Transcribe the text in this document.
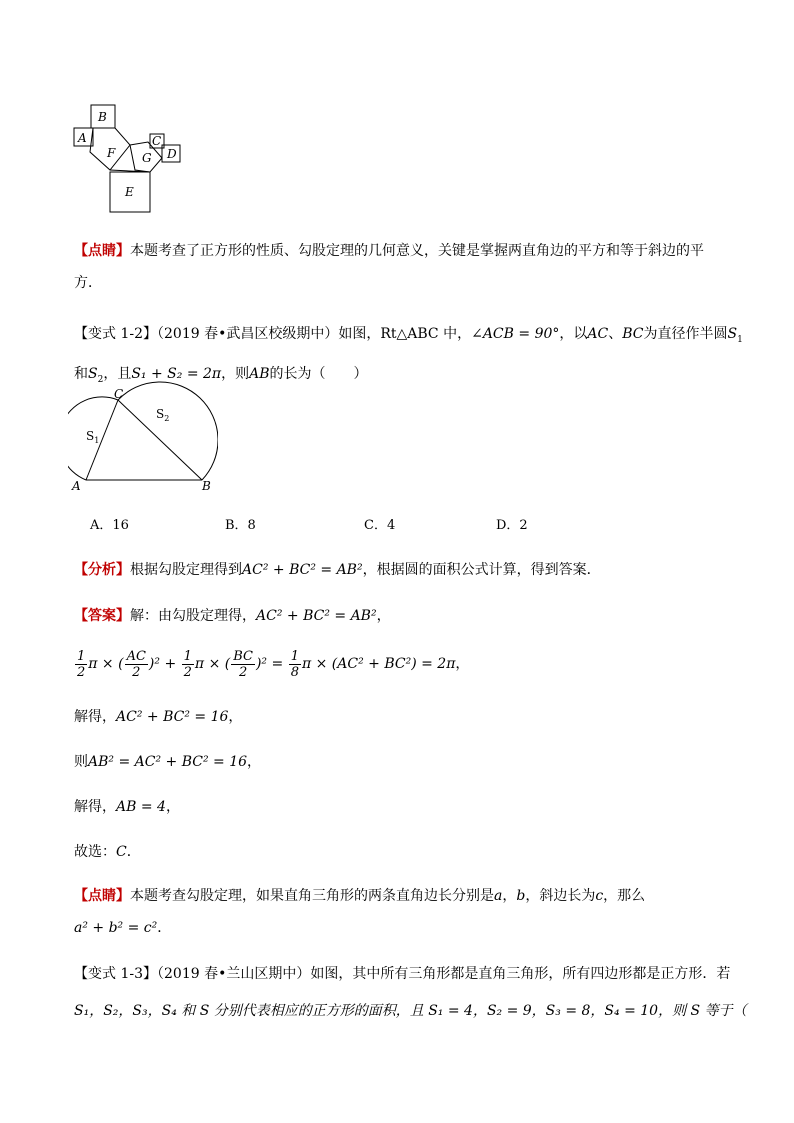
B
A
F
C
G D
E
【点睛】本题考查了正方形的性质、勾股定理的几何意义，关键是掌握两直角边的平方和等于斜边的平
方．
【变式 1-2】（2019 春•武昌区校级期中）如图，Rt△ABC 中，∠ACB = 90°，以AC、BC为直径作半圆$S_1$
和$S_2$，且S₁ + S₂ = 2π，则AB的长为（　　）
C
A	B
$S_1$
$S_2$
A．16	B．8	C．4	D．2
【分析】根据勾股定理得到AC² + BC² = AB²，根据圆的面积公式计算，得到答案．
【答案】解：由勾股定理得，AC² + BC² = AB²，
$\frac{1}{2}$ π × ( $\frac{AC}{2} )^2 + \frac{1}{2}$ π × ( $\frac{BC}{2} )^2 = \frac{1}{8}$ π × (AC² + BC²) = 2π，
解得，AC² + BC² = 16，
则AB² = AC² + BC² = 16，
解得，AB = 4，
故选：C．
【点睛】本题考查勾股定理，如果直角三角形的两条直角边长分别是a，b，斜边长为c，那么
a² + b² = c²．
【变式 1-3】（2019 春•兰山区期中）如图，其中所有三角形都是直角三角形，所有四边形都是正方形．若
S₁，S₂，S₃，S₄ 和 S 分别代表相应的正方形的面积，且 S₁ = 4，S₂ = 9，S₃ = 8，S₄ = 10，则 S 等于（
